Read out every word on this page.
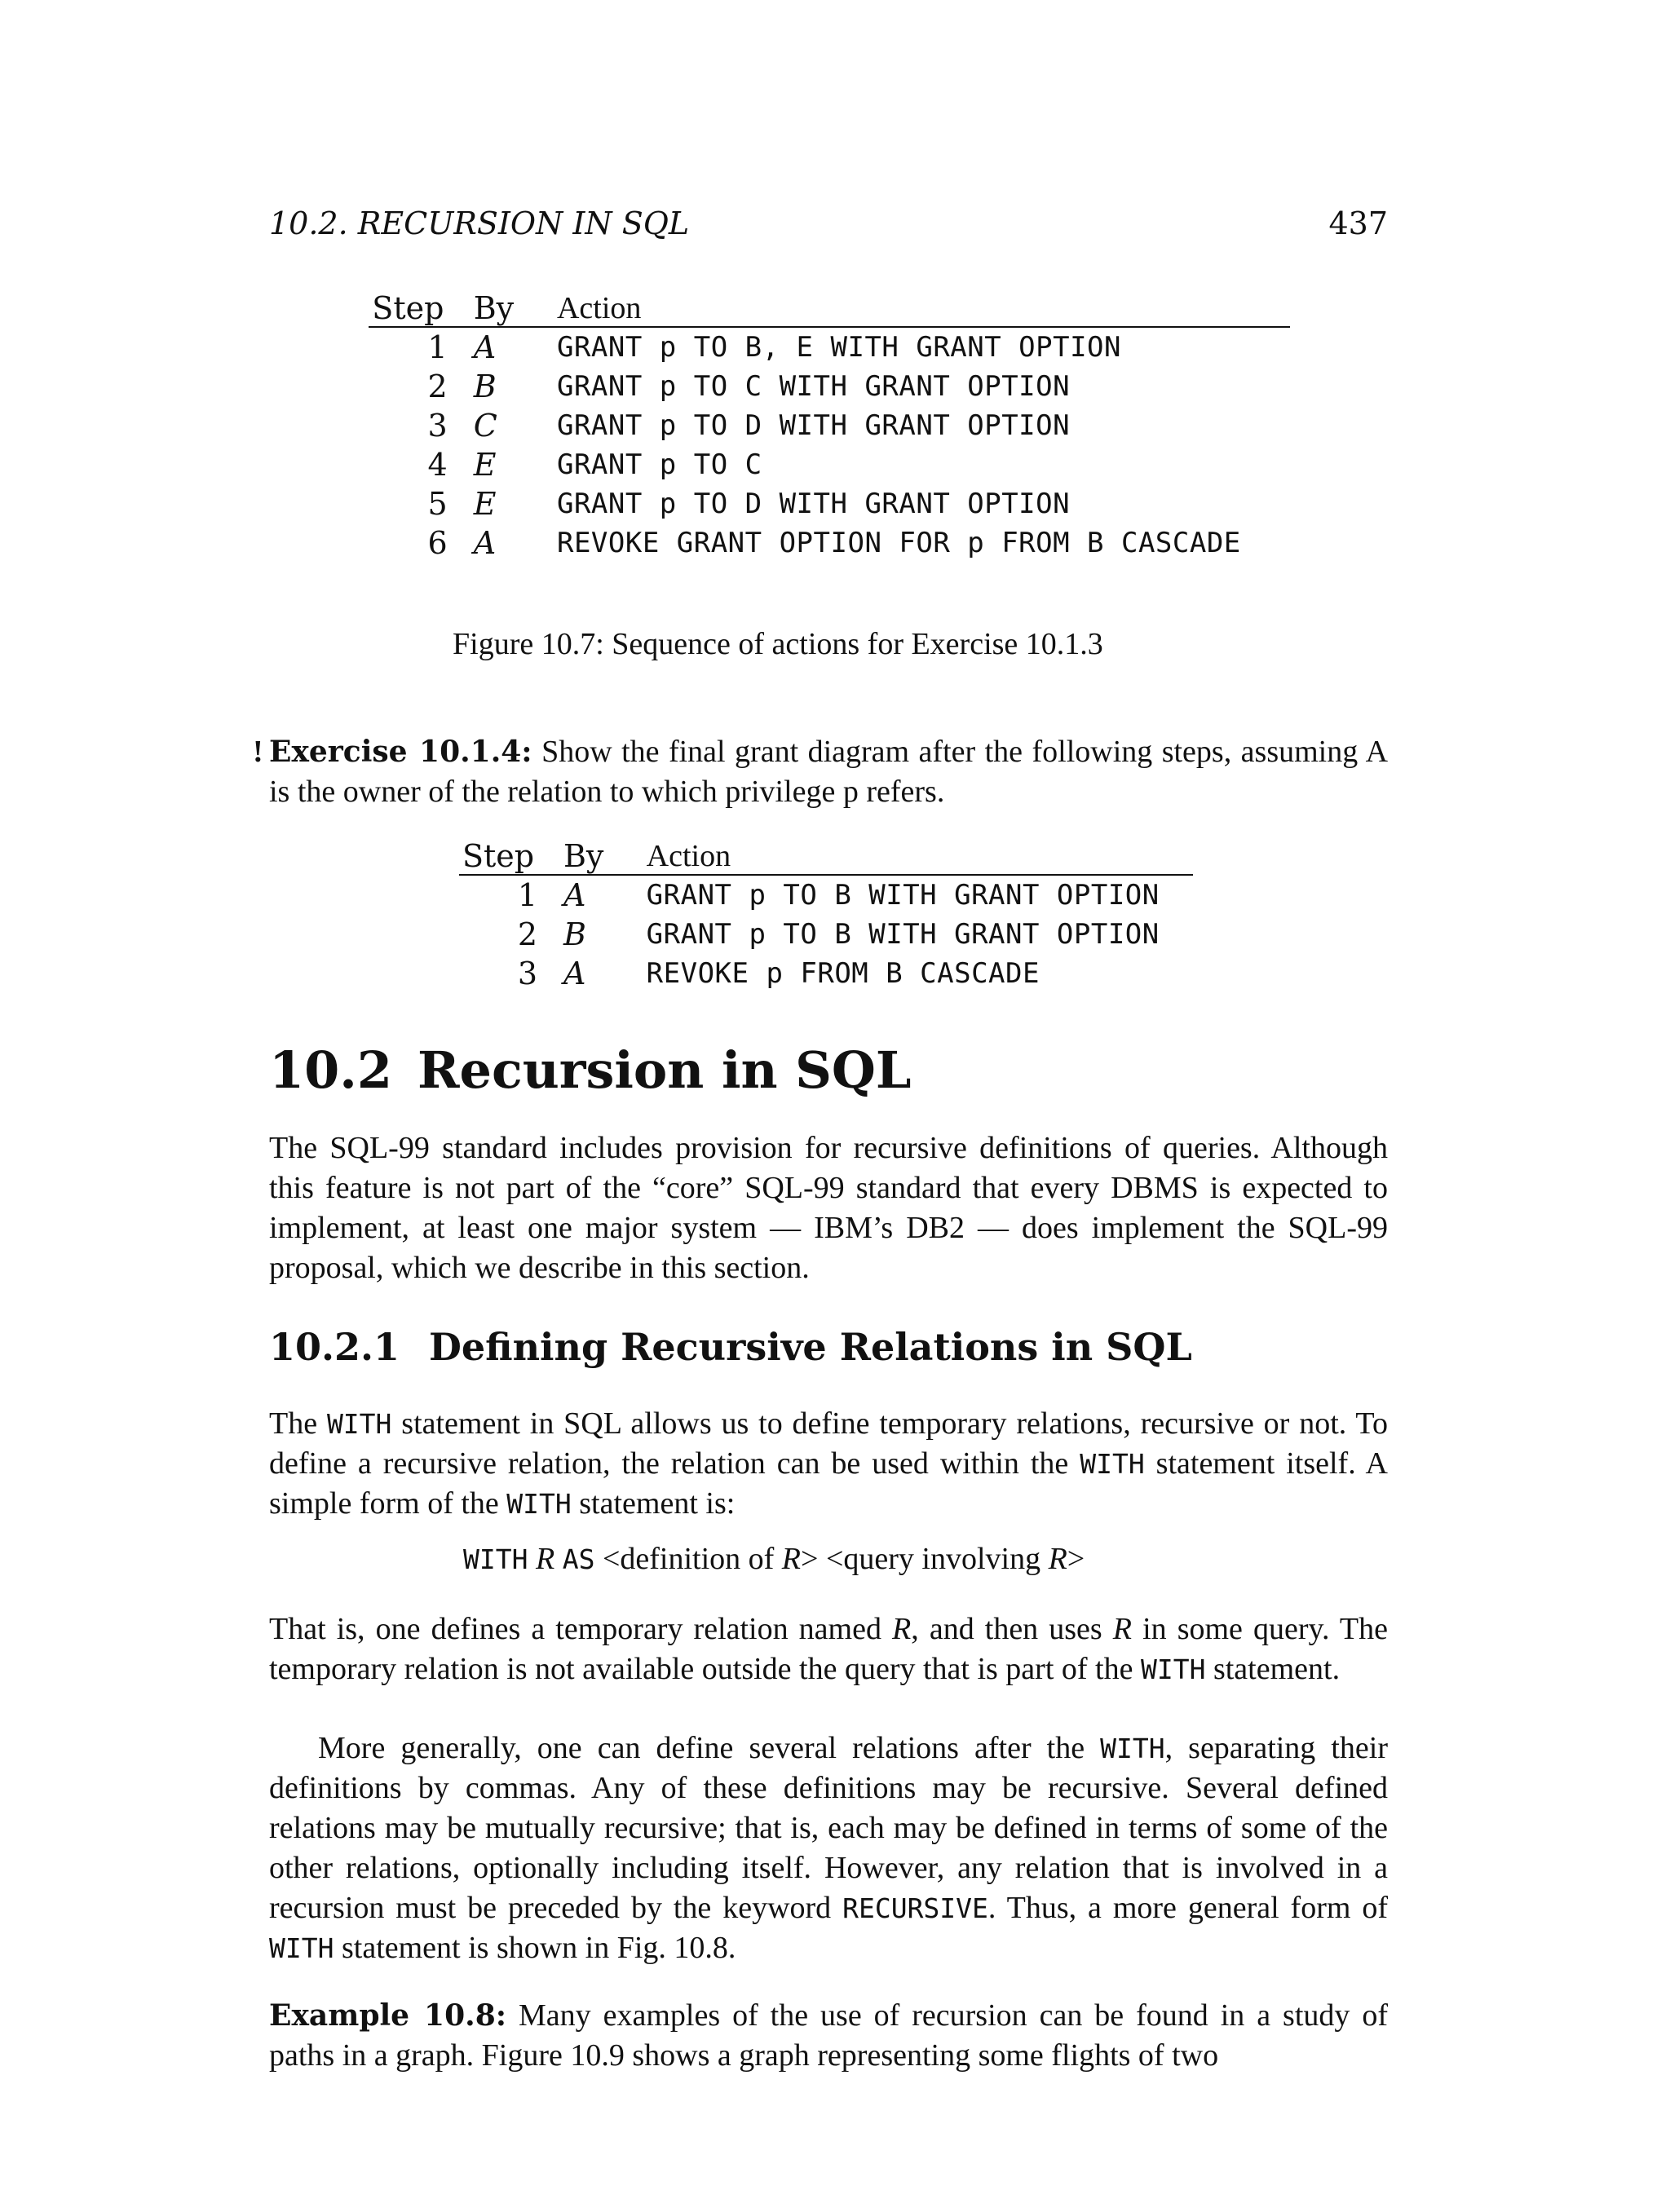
10.2. RECURSION IN SQL	437
Step	By	Action
1	A	GRANT p TO B, E WITH GRANT OPTION
2	B	GRANT p TO C WITH GRANT OPTION
3	C	GRANT p TO D WITH GRANT OPTION
4	E	GRANT p TO C
5	E	GRANT p TO D WITH GRANT OPTION
6	A	REVOKE GRANT OPTION FOR p FROM B CASCADE
Figure 10.7: Sequence of actions for Exercise 10.1.3
! Exercise 10.1.4: Show the final grant diagram after the following steps, assuming A is the owner of the relation to which privilege p refers.
Step	By	Action
1	A	GRANT p TO B WITH GRANT OPTION
2	B	GRANT p TO B WITH GRANT OPTION
3	A	REVOKE p FROM B CASCADE
10.2 Recursion in SQL
The SQL-99 standard includes provision for recursive definitions of queries. Although this feature is not part of the “core” SQL-99 standard that every DBMS is expected to implement, at least one major system — IBM’s DB2 — does implement the SQL-99 proposal, which we describe in this section.
10.2.1 Defining Recursive Relations in SQL
The WITH statement in SQL allows us to define temporary relations, recursive or not. To define a recursive relation, the relation can be used within the WITH statement itself. A simple form of the WITH statement is:
WITH R AS <definition of R> <query involving R>
That is, one defines a temporary relation named R, and then uses R in some query. The temporary relation is not available outside the query that is part of the WITH statement.
More generally, one can define several relations after the WITH, separating their definitions by commas. Any of these definitions may be recursive. Several defined relations may be mutually recursive; that is, each may be defined in terms of some of the other relations, optionally including itself. However, any relation that is involved in a recursion must be preceded by the keyword RECURSIVE. Thus, a more general form of WITH statement is shown in Fig. 10.8.
Example 10.8: Many examples of the use of recursion can be found in a study of paths in a graph. Figure 10.9 shows a graph representing some flights of two
